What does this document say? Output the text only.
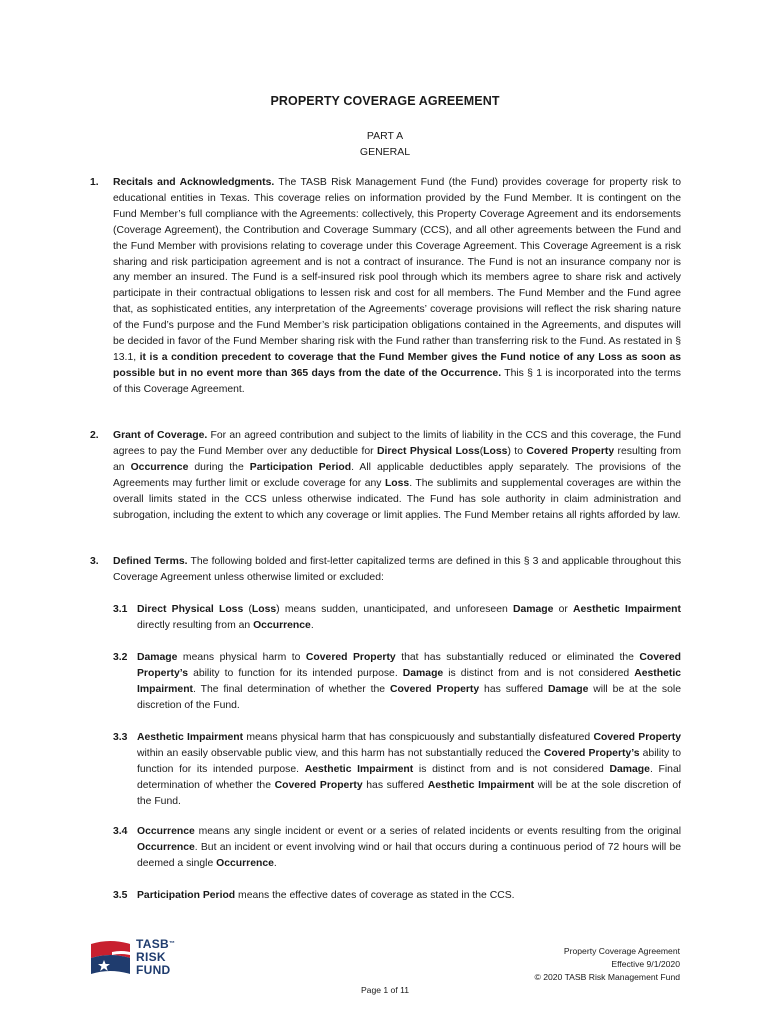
PROPERTY COVERAGE AGREEMENT
PART A
GENERAL
1. Recitals and Acknowledgments. The TASB Risk Management Fund (the Fund) provides coverage for property risk to educational entities in Texas. This coverage relies on information provided by the Fund Member. It is contingent on the Fund Member’s full compliance with the Agreements: collectively, this Property Coverage Agreement and its endorsements (Coverage Agreement), the Contribution and Coverage Summary (CCS), and all other agreements between the Fund and the Fund Member with provisions relating to coverage under this Coverage Agreement. This Coverage Agreement is a risk sharing and risk participation agreement and is not a contract of insurance. The Fund is not an insurance company nor is any member an insured. The Fund is a self-insured risk pool through which its members agree to share risk and actively participate in their contractual obligations to lessen risk and cost for all members. The Fund Member and the Fund agree that, as sophisticated entities, any interpretation of the Agreements’ coverage provisions will reflect the risk sharing nature of the Fund’s purpose and the Fund Member’s risk participation obligations contained in the Agreements, and disputes will be decided in favor of the Fund Member sharing risk with the Fund rather than transferring risk to the Fund. As restated in § 13.1, it is a condition precedent to coverage that the Fund Member gives the Fund notice of any Loss as soon as possible but in no event more than 365 days from the date of the Occurrence. This § 1 is incorporated into the terms of this Coverage Agreement.
2. Grant of Coverage. For an agreed contribution and subject to the limits of liability in the CCS and this coverage, the Fund agrees to pay the Fund Member over any deductible for Direct Physical Loss(Loss) to Covered Property resulting from an Occurrence during the Participation Period. All applicable deductibles apply separately. The provisions of the Agreements may further limit or exclude coverage for any Loss. The sublimits and supplemental coverages are within the overall limits stated in the CCS unless otherwise indicated. The Fund has sole authority in claim administration and subrogation, including the extent to which any coverage or limit applies. The Fund Member retains all rights afforded by law.
3. Defined Terms. The following bolded and first-letter capitalized terms are defined in this § 3 and applicable throughout this Coverage Agreement unless otherwise limited or excluded:
3.1 Direct Physical Loss (Loss) means sudden, unanticipated, and unforeseen Damage or Aesthetic Impairment directly resulting from an Occurrence.
3.2 Damage means physical harm to Covered Property that has substantially reduced or eliminated the Covered Property’s ability to function for its intended purpose. Damage is distinct from and is not considered Aesthetic Impairment. The final determination of whether the Covered Property has suffered Damage will be at the sole discretion of the Fund.
3.3 Aesthetic Impairment means physical harm that has conspicuously and substantially disfeatured Covered Property within an easily observable public view, and this harm has not substantially reduced the Covered Property’s ability to function for its intended purpose. Aesthetic Impairment is distinct from and is not considered Damage. Final determination of whether the Covered Property has suffered Aesthetic Impairment will be at the sole discretion of the Fund.
3.4 Occurrence means any single incident or event or a series of related incidents or events resulting from the original Occurrence. But an incident or event involving wind or hail that occurs during a continuous period of 72 hours will be deemed a single Occurrence.
3.5 Participation Period means the effective dates of coverage as stated in the CCS.
TASB™
RISK
FUND
Property Coverage Agreement
Effective 9/1/2020
© 2020 TASB Risk Management Fund
Page 1 of 11
